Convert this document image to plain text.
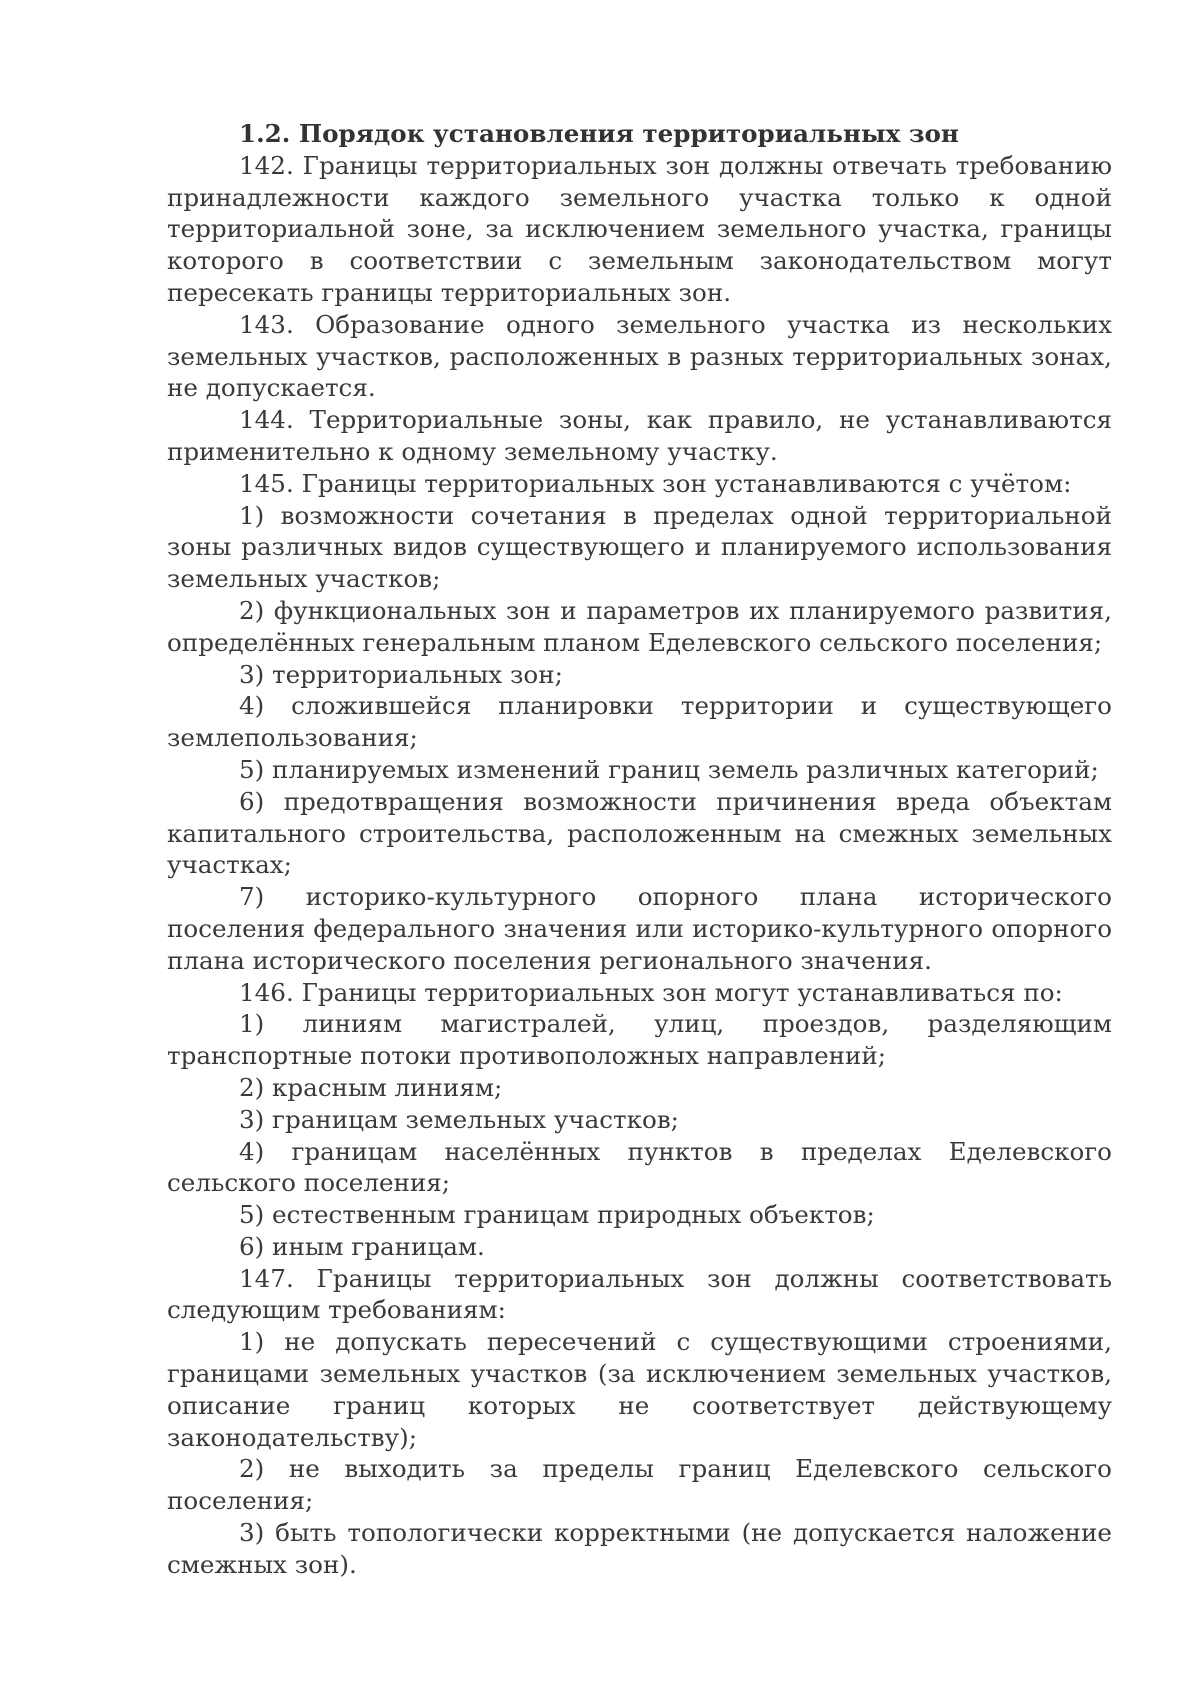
1.2. Порядок установления территориальных зон

142. Границы территориальных зон должны отвечать требованию принадлежности каждого земельного участка только к одной территориальной зоне, за исключением земельного участка, границы которого в соответствии с земельным законодательством могут пересекать границы территориальных зон.

143. Образование одного земельного участка из нескольких земельных участков, расположенных в разных территориальных зонах, не допускается.

144. Территориальные зоны, как правило, не устанавливаются применительно к одному земельному участку.

145. Границы территориальных зон устанавливаются с учётом:

1) возможности сочетания в пределах одной территориальной зоны различных видов существующего и планируемого использования земельных участков;

2) функциональных зон и параметров их планируемого развития, определённых генеральным планом Еделевского сельского поселения;

3) территориальных зон;

4) сложившейся планировки территории и существующего землепользования;

5) планируемых изменений границ земель различных категорий;

6) предотвращения возможности причинения вреда объектам капитального строительства, расположенным на смежных земельных участках;

7) историко-культурного опорного плана исторического поселения федерального значения или историко-культурного опорного плана исторического поселения регионального значения.

146. Границы территориальных зон могут устанавливаться по:

1) линиям магистралей, улиц, проездов, разделяющим транспортные потоки противоположных направлений;

2) красным линиям;

3) границам земельных участков;

4) границам населённых пунктов в пределах Еделевского сельского поселения;

5) естественным границам природных объектов;

6) иным границам.

147. Границы территориальных зон должны соответствовать следующим требованиям:

1) не допускать пересечений с существующими строениями, границами земельных участков (за исключением земельных участков, описание границ которых не соответствует действующему законодательству);

2) не выходить за пределы границ Еделевского сельского поселения;

3) быть топологически корректными (не допускается наложение смежных зон).
